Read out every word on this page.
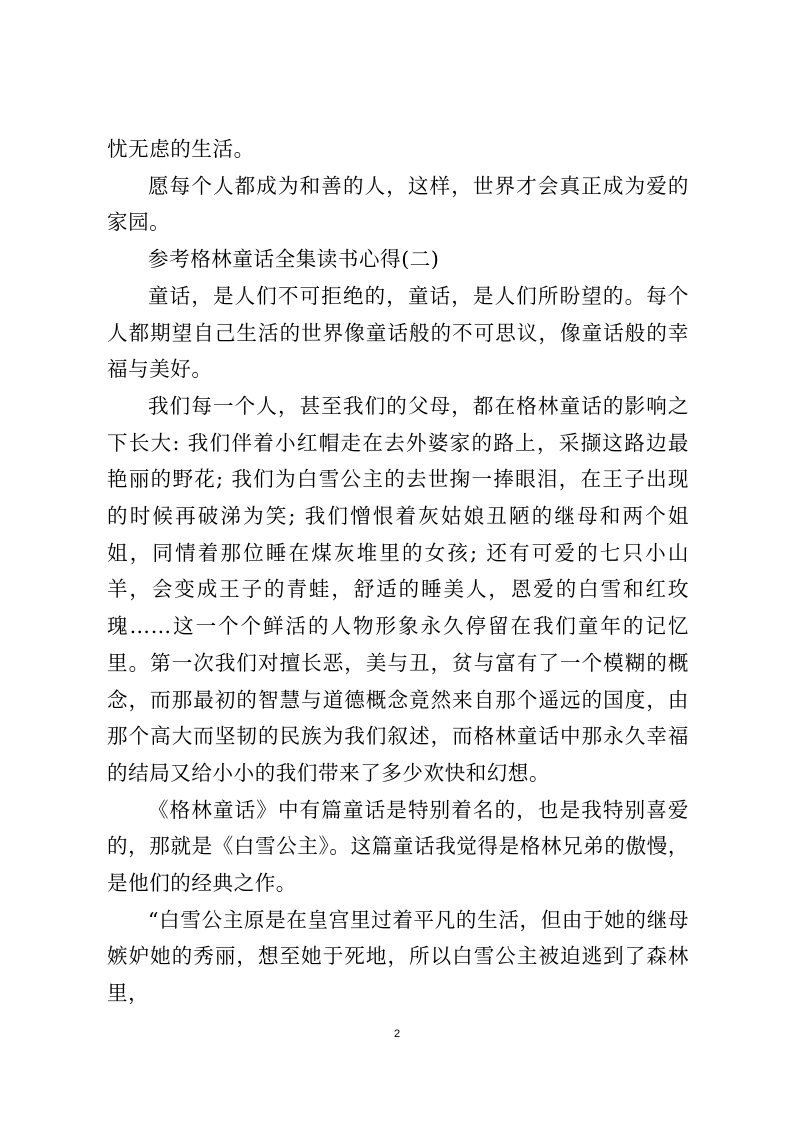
忧无虑的生活。

愿每个人都成为和善的人，这样，世界才会真正成为爱的家园。

参考格林童话全集读书心得(二)

童话，是人们不可拒绝的，童话，是人们所盼望的。每个人都期望自己生活的世界像童话般的不可思议，像童话般的幸福与美好。

我们每一个人，甚至我们的父母，都在格林童话的影响之下长大: 我们伴着小红帽走在去外婆家的路上，采撷这路边最艳丽的野花; 我们为白雪公主的去世掬一捧眼泪，在王子出现的时候再破涕为笑; 我们憎恨着灰姑娘丑陋的继母和两个姐姐，同情着那位睡在煤灰堆里的女孩; 还有可爱的七只小山羊，会变成王子的青蛙，舒适的睡美人，恩爱的白雪和红玫瑰……这一个个鲜活的人物形象永久停留在我们童年的记忆里。第一次我们对擅长恶，美与丑，贫与富有了一个模糊的概念，而那最初的智慧与道德概念竟然来自那个遥远的国度，由那个高大而坚韧的民族为我们叙述，而格林童话中那永久幸福的结局又给小小的我们带来了多少欢快和幻想。

《格林童话》中有篇童话是特别着名的，也是我特别喜爱的，那就是《白雪公主》。这篇童话我觉得是格林兄弟的傲慢，是他们的经典之作。

“白雪公主原是在皇宫里过着平凡的生活，但由于她的继母嫉妒她的秀丽，想至她于死地，所以白雪公主被迫逃到了森林里，

2
